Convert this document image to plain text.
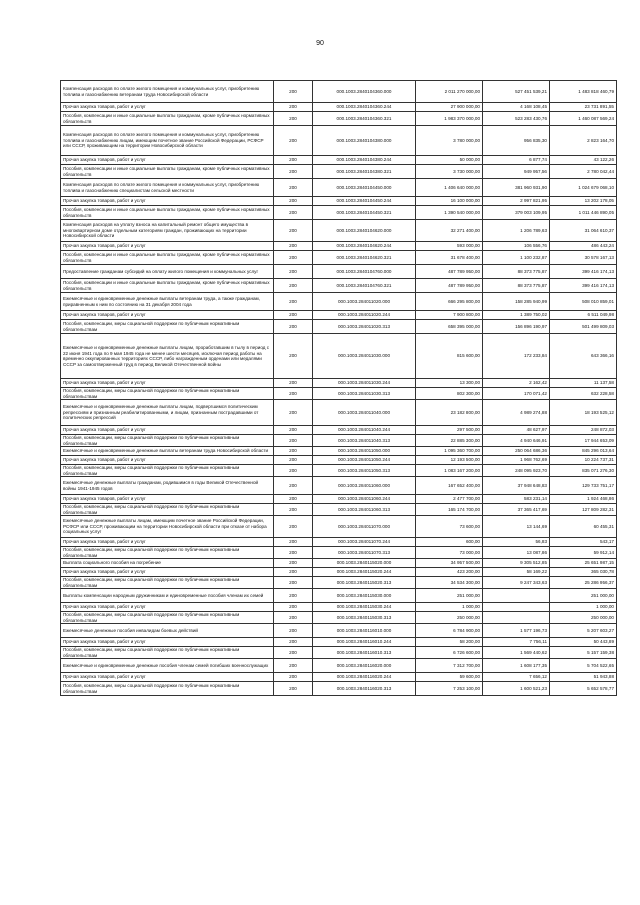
90
Компенсация расходов по оплате жилого помещения и коммунальных услуг, приобретению топлива и газоснабжению ветеранам труда Новосибирской области	200	000.1003.2840104360.000	2 011 270 000,00	527 451 539,21	1 483 818 460,79
Прочая закупка товаров, работ и услуг	200	000.1003.2840104360.244	27 900 000,00	4 168 108,45	23 731 891,55
Пособия, компенсации и иные социальные выплаты гражданам, кроме публичных нормативных обязательств	200	000.1003.2840104360.321	1 983 370 000,00	523 283 430,76	1 460 087 569,24
Компенсация расходов по оплате жилого помещения и коммунальных услуг, приобретению топлива и газоснабжению лицам, имеющим почетное звание Российской Федерации, РСФСР или СССР, проживающим на территории Новосибирской области	200	000.1003.2840104380.000	3 780 000,00	956 835,30	2 823 164,70
Прочая закупка товаров, работ и услуг	200	000.1003.2840104380.244	50 000,00	6 877,74	43 122,26
Пособия, компенсации и иные социальные выплаты гражданам, кроме публичных нормативных обязательств	200	000.1003.2840104380.321	3 730 000,00	949 957,56	2 780 042,44
Компенсация расходов по оплате жилого помещения и коммунальных услуг, приобретению топлива и газоснабжению специалистам сельской местности	200	000.1003.2840104450.000	1 406 640 000,00	381 960 931,90	1 024 679 068,10
Прочая закупка товаров, работ и услуг	200	000.1003.2840104450.244	16 100 000,00	2 997 821,95	13 202 178,05
Пособия, компенсации и иные социальные выплаты гражданам, кроме публичных нормативных обязательств	200	000.1003.2840104450.321	1 390 540 000,00	379 003 109,95	1 011 446 890,05
Компенсация расходов на уплату взноса на капитальный ремонт общего имущества в многоквартирном доме отдельным категориям граждан, проживающих на территории Новосибирской области	200	000.1003.2840104620.000	32 271 400,00	1 206 789,63	31 064 610,37
Прочая закупка товаров, работ и услуг	200	000.1003.2840104620.244	593 000,00	106 556,76	486 443,24
Пособия, компенсации и иные социальные выплаты гражданам, кроме публичных нормативных обязательств	200	000.1003.2840104620.321	31 678 400,00	1 100 232,87	30 578 167,13
Предоставление гражданам субсидий на оплату жилого помещения и коммунальных услуг	200	000.1003.2840104760.000	487 789 950,00	88 373 775,87	399 416 174,13
Пособия, компенсации и иные социальные выплаты гражданам, кроме публичных нормативных обязательств	200	000.1003.2840104760.321	487 789 950,00	88 373 775,87	399 416 174,13
Ежемесячные и единовременные денежные выплаты ветеранам труда, а также гражданам, приравненным к ним по состоянию на 31 декабря 2004 года	200	000.1003.284011020.000	666 295 800,00	158 285 940,99	508 010 859,01
Прочая закупка товаров, работ и услуг	200	000.1003.284011020.244	7 900 800,00	1 389 750,02	6 511 049,98
Пособия, компенсации, меры социальной поддержки по публичным нормативным обязательствам	200	000.1003.284011020.313	658 395 000,00	156 896 190,97	501 499 809,03
Ежемесячные и единовременные денежные выплаты лицам, проработавшим в тылу в период с 22 июня 1941 года по 9 мая 1945 года не менее шести месяцев, исключая период работы на временно оккупированных территориях СССР, либо награжденным орденами или медалями СССР за самоотверженный труд в период Великой Отечественной войны	200	000.1003.284011030.000	815 600,00	172 233,84	643 366,16
Прочая закупка товаров, работ и услуг	200	000.1003.284011030.244	13 300,00	2 162,42	11 137,58
Пособия, компенсации, меры социальной поддержки по публичным нормативным обязательствам	200	000.1003.284011030.313	802 300,00	170 071,42	632 228,58
Ежемесячные и единовременные денежные выплаты лицам, подвергшимся политическим репрессиям и признанным реабилитированными, и лицам, признанным пострадавшими от политических репрессий	200	000.1003.284011040.000	23 182 800,00	4 989 274,88	18 193 525,12
Прочая закупка товаров, работ и услуг	200	000.1003.284011040.244	297 500,00	48 627,97	248 872,03
Пособия, компенсации, меры социальной поддержки по публичным нормативным обязательствам	200	000.1003.284011040.313	22 885 300,00	4 940 646,91	17 944 653,09
Ежемесячные и единовременные денежные выплаты ветеранам труда Новосибирской области	200	000.1003.284011050.000	1 095 360 700,00	250 064 686,36	845 296 013,64
Прочая закупка товаров, работ и услуг	200	000.1003.284011050.244	12 193 500,00	1 968 762,69	10 224 737,31
Пособия, компенсации, меры социальной поддержки по публичным нормативным обязательствам	200	000.1003.284011050.313	1 083 167 200,00	248 095 923,70	835 071 276,30
Ежемесячные денежные выплаты гражданам, родившимся в годы Великой Отечественной войны 1941-1945 годов	200	000.1003.284011060.000	167 652 400,00	37 948 648,83	129 733 751,17
Прочая закупка товаров, работ и услуг	200	000.1003.284011060.244	2 477 700,00	583 231,14	1 924 468,86
Пособия, компенсации, меры социальной поддержки по публичным нормативным обязательствам	200	000.1003.284011060.313	165 174 700,00	37 365 417,69	127 809 282,31
Ежемесячные денежные выплаты лицам, имеющим почетное звание Российской Федерации, РСФСР или СССР, проживающим на территории Новосибирской области при отказе от набора социальных услуг	200	000.1003.284011070.000	73 600,00	13 144,69	60 455,31
Прочая закупка товаров, работ и услуг	200	000.1003.284011070.244	600,00	56,83	543,17
Пособия, компенсации, меры социальной поддержки по публичным нормативным обязательствам	200	000.1003.284011070.313	73 000,00	13 087,86	59 912,14
Выплата социального пособия на погребение	200	000.1003.2840115020.000	34 957 500,00	9 305 512,85	25 651 987,15
Прочая закупка товаров, работ и услуг	200	000.1003.2840115020.244	423 200,00	58 169,22	365 030,78
Пособия, компенсации, меры социальной поддержки по публичным нормативным обязательствам	200	000.1003.2840115020.313	34 534 300,00	9 247 343,63	25 286 956,37
Выплаты компенсации народным дружинникам и единовременные пособия членам их семей	200	000.1003.2840115030.000	251 000,00		251 000,00
Прочая закупка товаров, работ и услуг	200	000.1003.2840115030.244	1 000,00		1 000,00
Пособия, компенсации, меры социальной поддержки по публичным нормативным обязательствам	200	000.1003.2840115030.313	250 000,00		250 000,00
Ежемесячные денежные пособия инвалидам боевых действий	200	000.1003.2840116010.000	6 784 900,00	1 577 196,73	5 207 603,27
Прочая закупка товаров, работ и услуг	200	000.1003.2840116010.244	58 200,00	7 756,11	50 443,89
Пособия, компенсации, меры социальной поддержки по публичным нормативным обязательствам	200	000.1003.2840116010.313	6 726 600,00	1 569 440,62	5 157 159,38
Ежемесячные и единовременные денежные пособия членам семей погибших военнослужащих	200	000.1003.2840116020.000	7 312 700,00	1 608 177,35	5 704 522,65
Прочая закупка товаров, работ и услуг	200	000.1003.2840116020.244	59 600,00	7 656,12	51 943,88
Пособия, компенсации, меры социальной поддержки по публичным нормативным обязательствам	200	000.1003.2840116020.313	7 253 100,00	1 600 521,23	5 652 578,77
